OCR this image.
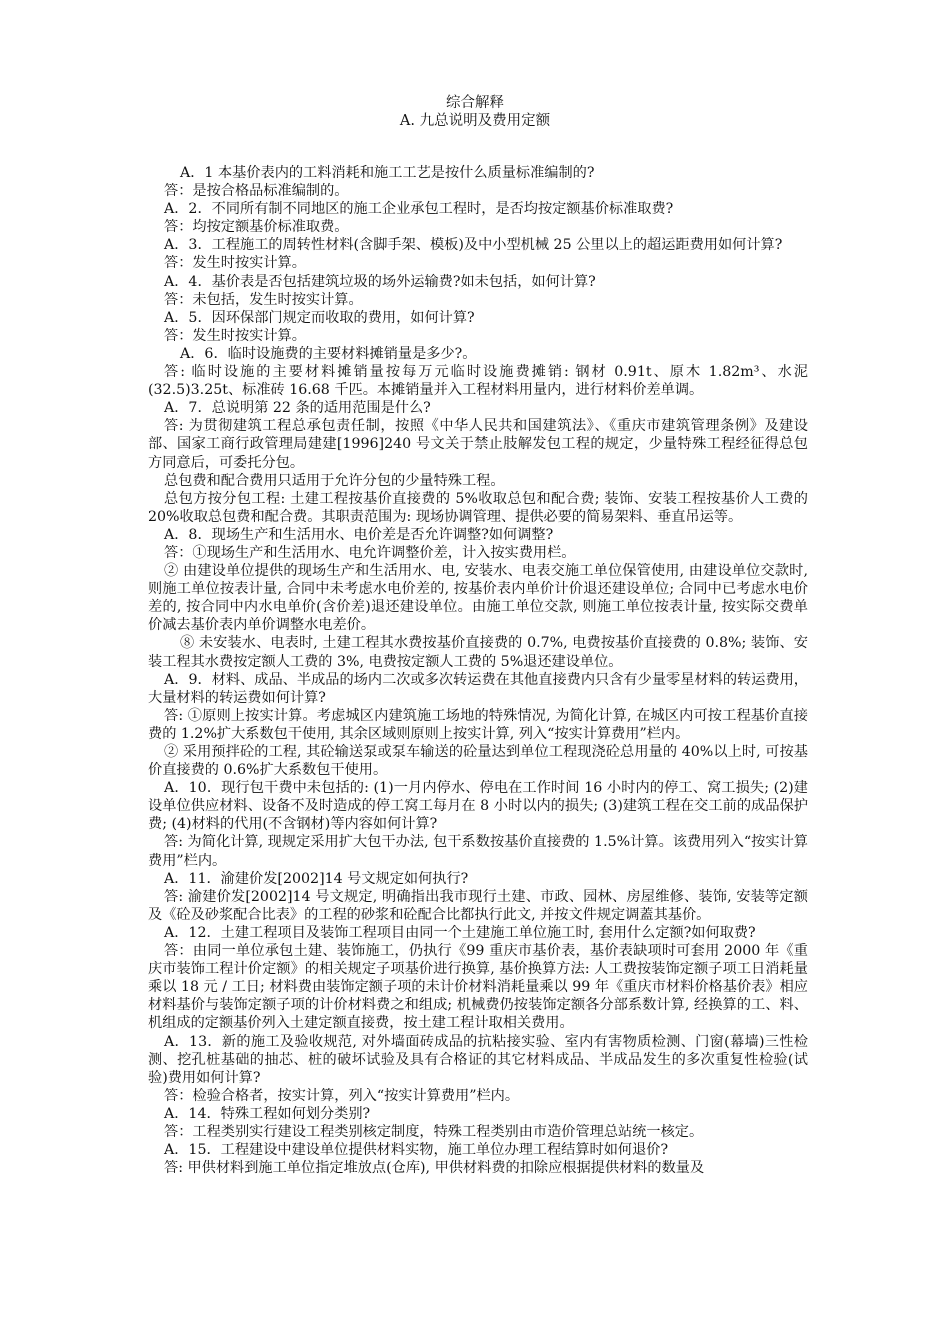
综合解释
A. 九总说明及费用定额

A．1 本基价表内的工料消耗和施工工艺是按什么质量标准编制的?

答：是按合格品标准编制的。

A．2．不同所有制不同地区的施工企业承包工程时，是否均按定额基价标准取费?

答：均按定额基价标准取费。

A．3．工程施工的周转性材料(含脚手架、模板)及中小型机械 25 公里以上的超运距费用如何计算?

答：发生时按实计算。

A．4．基价表是否包括建筑垃圾的场外运输费?如未包括，如何计算?

答：未包括，发生时按实计算。

A．5．因环保部门规定而收取的费用，如何计算?

答：发生时按实计算。

A．6．临时设施费的主要材料摊销量是多少?。

答: 临时设施的主要材料摊销量按每万元临时设施费摊销: 钢材 0.91t、原木 1.82m³、水泥(32.5)3.25t、标准砖 16.68 千匹。本摊销量并入工程材料用量内，进行材料价差单调。

A．7．总说明第 22 条的适用范围是什么?

答: 为贯彻建筑工程总承包责任制，按照《中华人民共和国建筑法》、《重庆市建筑管理条例》及建设部、国家工商行政管理局建建[1996]240 号文关于禁止肢解发包工程的规定，少量特殊工程经征得总包方同意后，可委托分包。

总包费和配合费用只适用于允许分包的少量特殊工程。

总包方按分包工程: 土建工程按基价直接费的 5%收取总包和配合费; 装饰、安装工程按基价人工费的 20%收取总包费和配合费。其职责范围为: 现场协调管理、提供必要的简易架料、垂直吊运等。

A．8．现场生产和生活用水、电价差是否允许调整?如何调整?

答：①现场生产和生活用水、电允许调整价差，计入按实费用栏。

② 由建设单位提供的现场生产和生活用水、电, 安装水、电表交施工单位保管使用, 由建设单位交款时, 则施工单位按表计量, 合同中未考虑水电价差的, 按基价表内单价计价退还建设单位; 合同中已考虑水电价差的, 按合同中内水电单价(含价差)退还建设单位。由施工单位交款, 则施工单位按表计量, 按实际交费单价减去基价表内单价调整水电差价。

⑧ 未安装水、电表时, 土建工程其水费按基价直接费的 0.7%, 电费按基价直接费的 0.8%; 装饰、安装工程其水费按定额人工费的 3%, 电费按定额人工费的 5%退还建设单位。

A．9．材料、成品、半成品的场内二次或多次转运费在其他直接费内只含有少量零星材料的转运费用，大量材料的转运费如何计算?

答: ①原则上按实计算。考虑城区内建筑施工场地的特殊情况, 为简化计算, 在城区内可按工程基价直接费的 1.2%扩大系数包干使用, 其余区域则原则上按实计算, 列入“按实计算费用”栏内。

② 采用预拌砼的工程, 其砼输送泵或泵车输送的砼量达到单位工程现浇砼总用量的 40%以上时, 可按基价直接费的 0.6%扩大系数包干使用。

A．10．现行包干费中未包括的: (1)一月内停水、停电在工作时间 16 小时内的停工、窝工损失; (2)建设单位供应材料、设备不及时造成的停工窝工每月在 8 小时以内的损失; (3)建筑工程在交工前的成品保护费; (4)材料的代用(不含钢材)等内容如何计算?

答: 为简化计算, 现规定采用扩大包干办法, 包干系数按基价直接费的 1.5%计算。该费用列入“按实计算费用”栏内。

A．11．渝建价发[2002]14 号文规定如何执行?

答: 渝建价发[2002]14 号文规定, 明确指出我市现行土建、市政、园林、房屋维修、装饰, 安装等定额及《砼及砂浆配合比表》的工程的砂浆和砼配合比都执行此文, 并按文件规定调蓋其基价。

A．12．土建工程项目及装饰工程项目由同一个土建施工单位施工时, 套用什么定额?如何取费?

答：由同一单位承包土建、装饰施工，仍执行《99 重庆市基价表，基价表缺项时可套用 2000 年《重庆市装饰工程计价定额》的相关规定子项基价进行换算, 基价换算方法: 人工费按装饰定额子项工日消耗量乘以 18 元 / 工日; 材料费由装饰定额子项的未计价材料消耗量乘以 99 年《重庆市材料价格基价表》相应材料基价与装饰定额子项的计价材料费之和组成; 机械费仍按装饰定额各分部系数计算, 经换算的工、料、机组成的定额基价列入土建定额直接费，按土建工程计取相关费用。

A．13．新的施工及验收规范, 对外墙面砖成品的抗粘接实验、室内有害物质检测、门窗(幕墙)三性检测、挖孔桩基础的抽芯、桩的破坏试验及具有合格证的其它材料成品、半成品发生的多次重复性检验(试验)费用如何计算?

答：检验合格者，按实计算，列入“按实计算费用”栏内。

A．14．特殊工程如何划分类别?

答：工程类别实行建设工程类别核定制度，特殊工程类别由市造价管理总站统一核定。

A．15．工程建设中建设单位提供材料实物，施工单位办理工程结算时如何退价?

答: 甲供材料到施工单位指定堆放点(仓库), 甲供材料费的扣除应根据提供材料的数量及
